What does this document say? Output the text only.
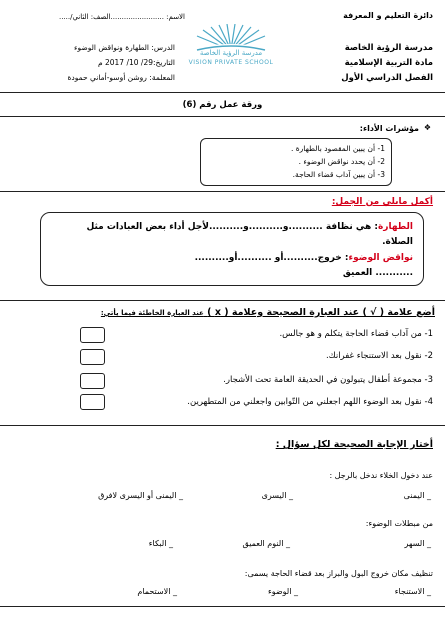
دائرة التعليم و المعرفة
مدرسة الرؤية الخاصة
مادة التربية الإسلامية
الفصل الدراسي الأول
مدرسة الرؤية الخاصة
VISION PRIVATE SCHOOL
الاسم: ........................الصف: الثاني/.....
الدرس: الطهارة ونواقض الوضوء
التاريخ:29/ 10/ 2017 م
المعلمة: روشن أوسو-أماني حمودة
ورقة عمل رقم (6)
❖
مؤشرات الأداء:
1- أن يبين المقصود بالطهارة .
2- أن يحدد نواقض الوضوء .
3- أن يبين آداب قضاء الحاجة.
أكمل مايلي من الجمل:
الطهارة: هي نظافة ..........و..........و..........لأجل أداء بعض العبادات مثل
الصلاة.
نواقض الوضوء: خروج..........أو ..........أو..........
........... العميق
أضع علامة ( √ ) عند العبارة الصحيحة وعلامة ( x ) عند العبارة الخاطئة فيما يأتي:
1- من آداب قضاء الحاجة يتكلم و هو جالس.
2- نقول بعد الاستنجاء غفرانك.
3- مجموعة أطفال يتبولون في الحديقة العامة تحت الأشجار.
4- نقول بعد الوضوء اللهم اجعلني من التّوابين واجعلني من المتطهرين.
أختار الإجابة الصحيحة لكل سؤال :
عند دخول الخلاء ندخل بالرجل :
_ اليمنى
_ اليسرى
_ اليمنى أو اليسرى لافرق
من مبطلات الوضوء:
_ السهر
_ النوم العميق
_ البكاء
تنظيف مكان خروج البول والبراز بعد قضاء الحاجة يسمى:
_ الاستنجاء
_ الوضوء
_ الاستحمام
